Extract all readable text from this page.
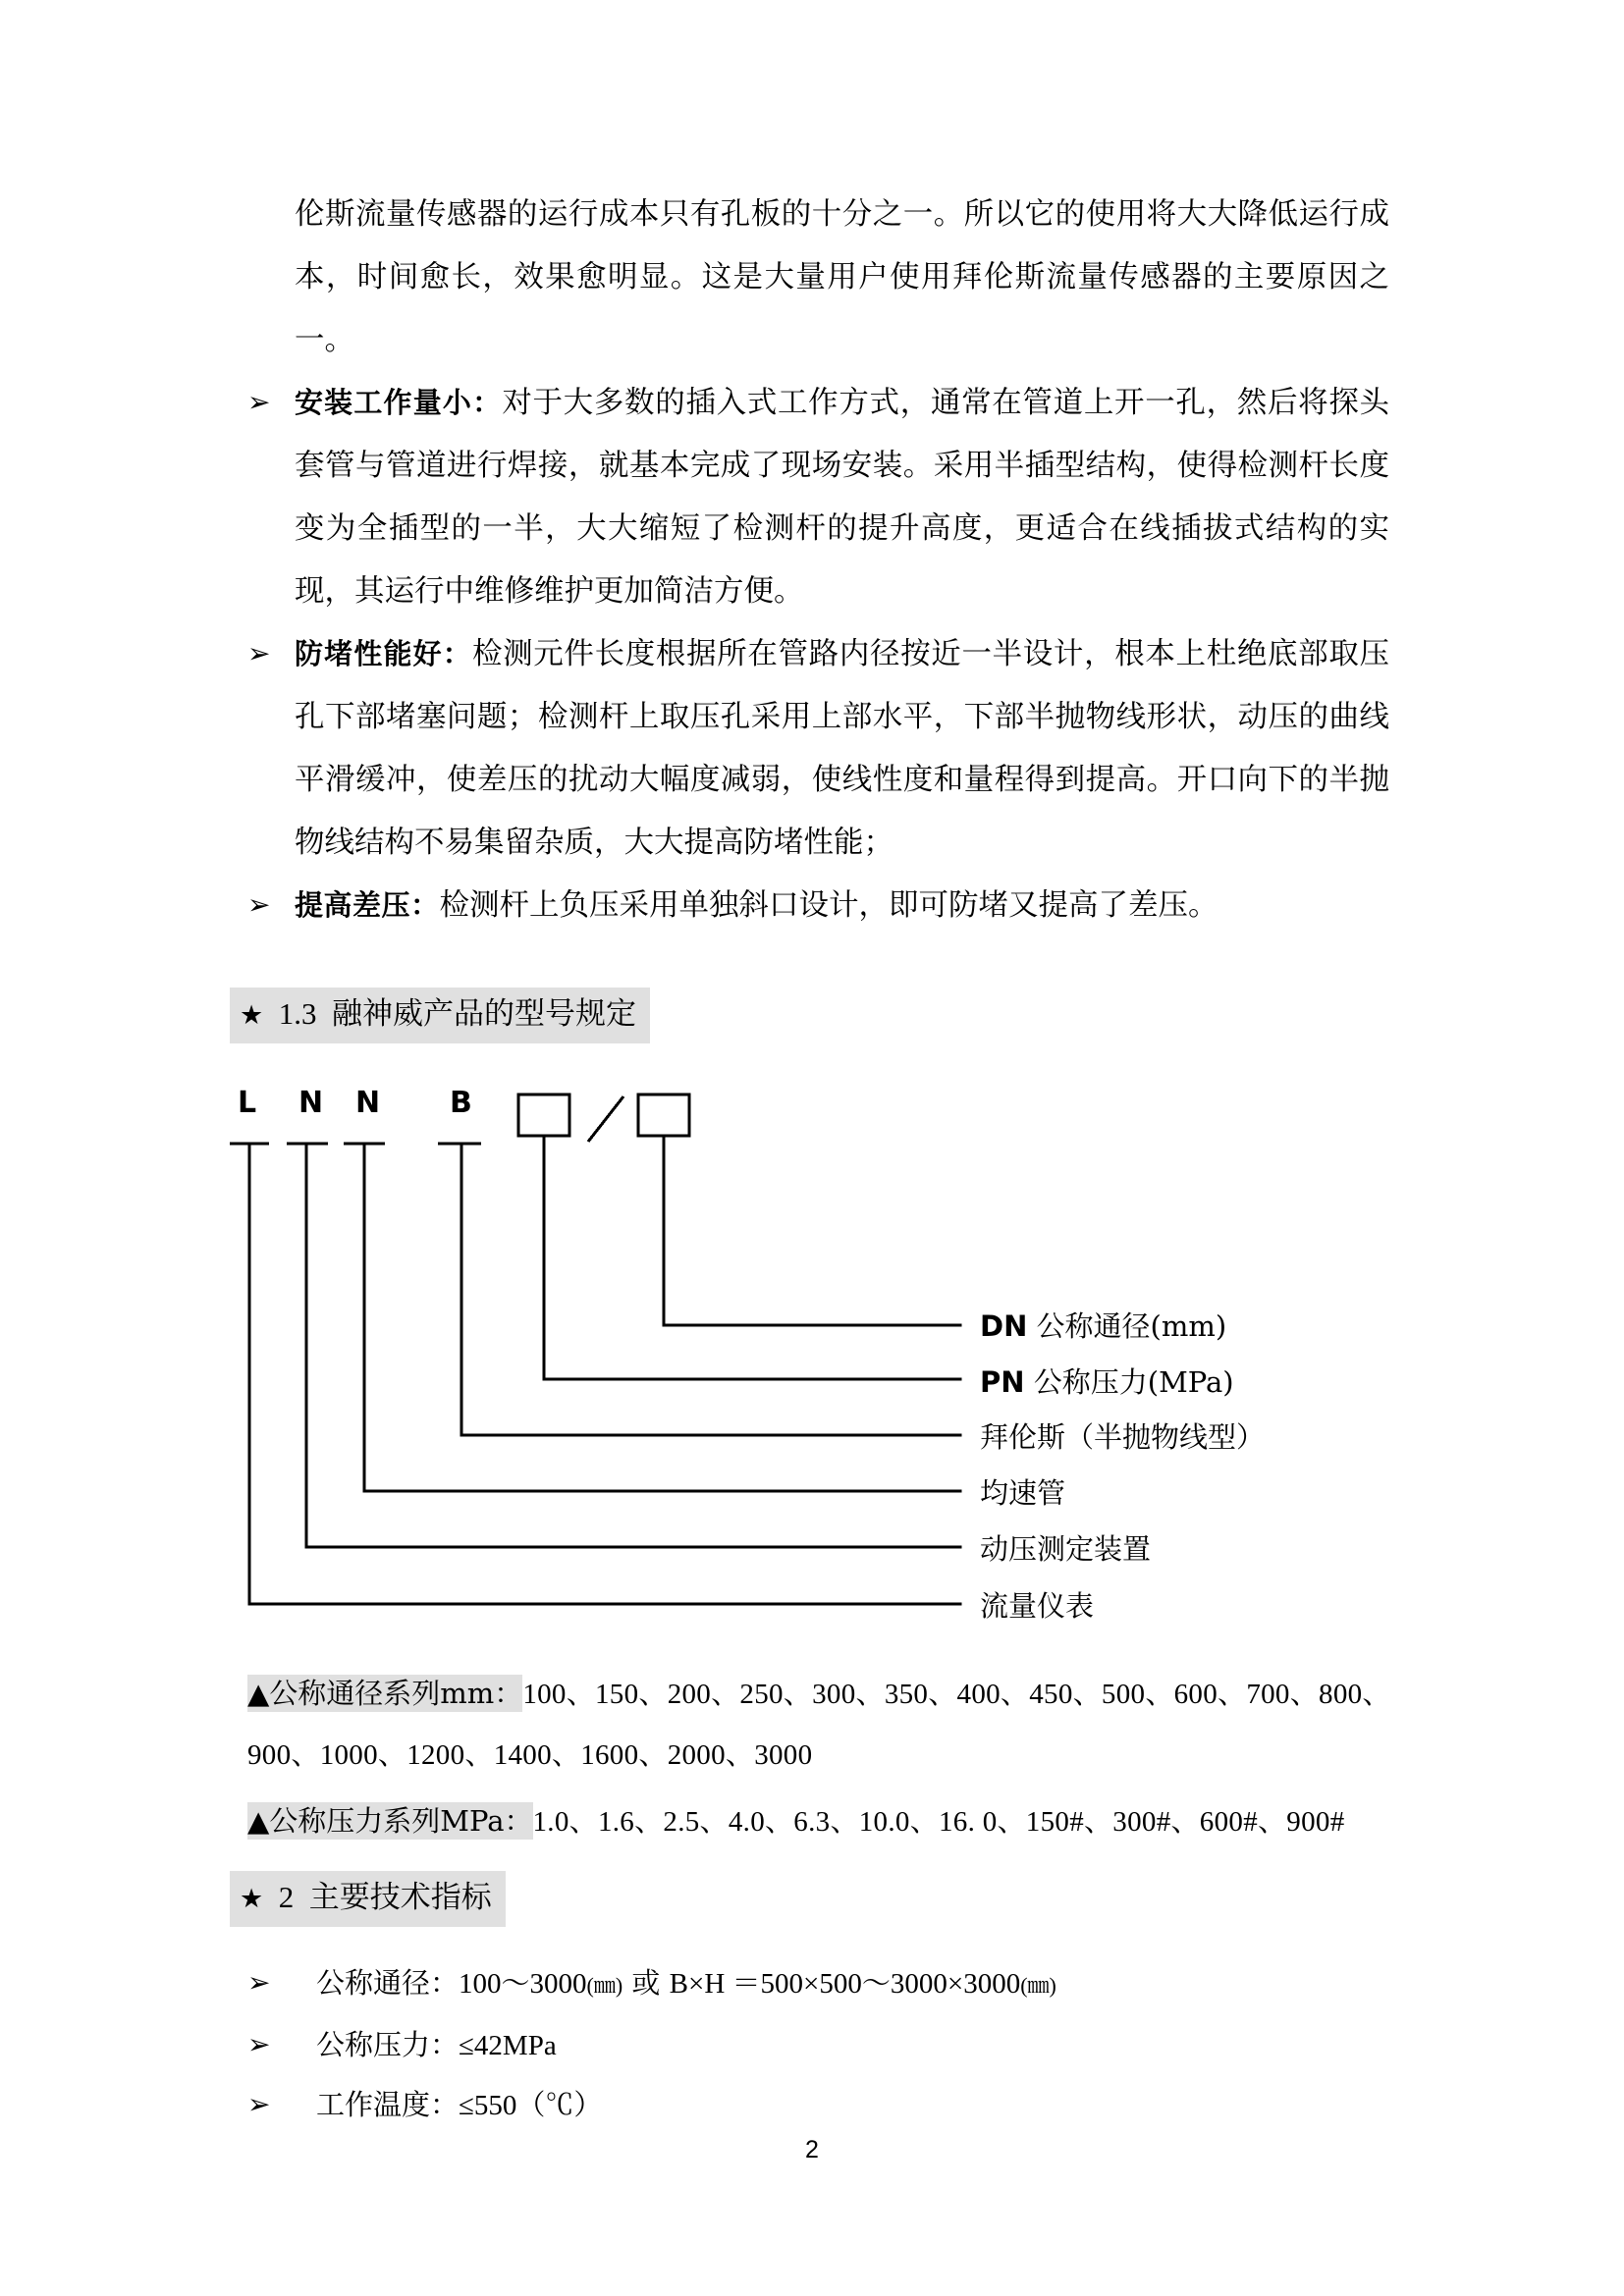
伦斯流量传感器的运行成本只有孔板的十分之一。所以它的使用将大大降低运行成本，时间愈长，效果愈明显。这是大量用户使用拜伦斯流量传感器的主要原因之一。

➢ 安装工作量小：对于大多数的插入式工作方式，通常在管道上开一孔，然后将探头套管与管道进行焊接，就基本完成了现场安装。采用半插型结构，使得检测杆长度变为全插型的一半，大大缩短了检测杆的提升高度，更适合在线插拔式结构的实现，其运行中维修维护更加简洁方便。
➢ 防堵性能好：检测元件长度根据所在管路内径按近一半设计，根本上杜绝底部取压孔下部堵塞问题；检测杆上取压孔采用上部水平，下部半抛物线形状，动压的曲线平滑缓冲，使差压的扰动大幅度减弱，使线性度和量程得到提高。开口向下的半抛物线结构不易集留杂质，大大提高防堵性能；
➢ 提高差压：检测杆上负压采用单独斜口设计，即可防堵又提高了差压。
★ 1.3 融神威产品的型号规定
L N N B
DN 公称通径(mm)
PN 公称压力(MPa)
拜伦斯（半抛物线型）
均速管
动压测定装置
流量仪表
▲公称通径系列mm：100、150、200、250、300、350、400、450、500、600、700、800、
900、1000、1200、1400、1600、2000、3000
▲公称压力系列MPa：1.0、1.6、2.5、4.0、6.3、10.0、16. 0、150#、300#、600#、900#
★ 2 主要技术指标
➢ 公称通径：100～3000(㎜) 或 B×H ＝500×500～3000×3000(㎜)
➢ 公称压力：≤42MPa
➢ 工作温度：≤550（℃）
2
